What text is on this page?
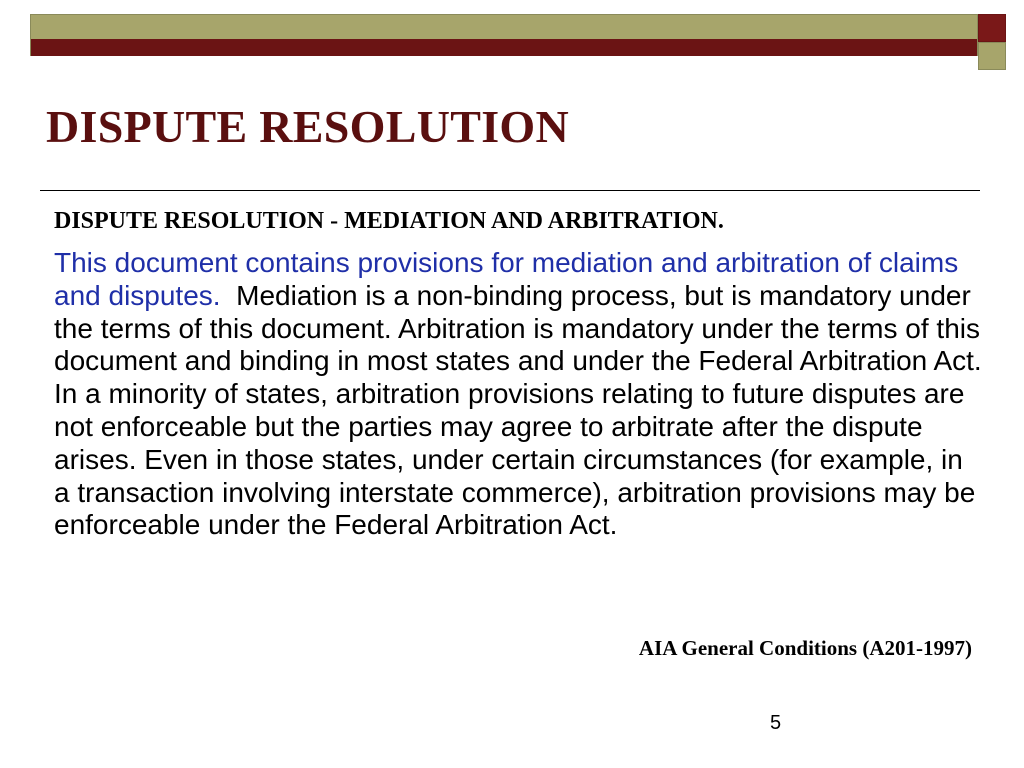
DISPUTE RESOLUTION
DISPUTE RESOLUTION - MEDIATION AND ARBITRATION.

This document contains provisions for mediation and arbitration of claims and disputes.  Mediation is a non-binding process, but is mandatory under the terms of this document. Arbitration is mandatory under the terms of this document and binding in most states and under the Federal Arbitration Act.  In a minority of states, arbitration provisions relating to future disputes are not enforceable but the parties may agree to arbitrate after the dispute arises. Even in those states, under certain circumstances (for example, in a transaction involving interstate commerce), arbitration provisions may be enforceable under the Federal Arbitration Act.

AIA General Conditions (A201-1997)

5
